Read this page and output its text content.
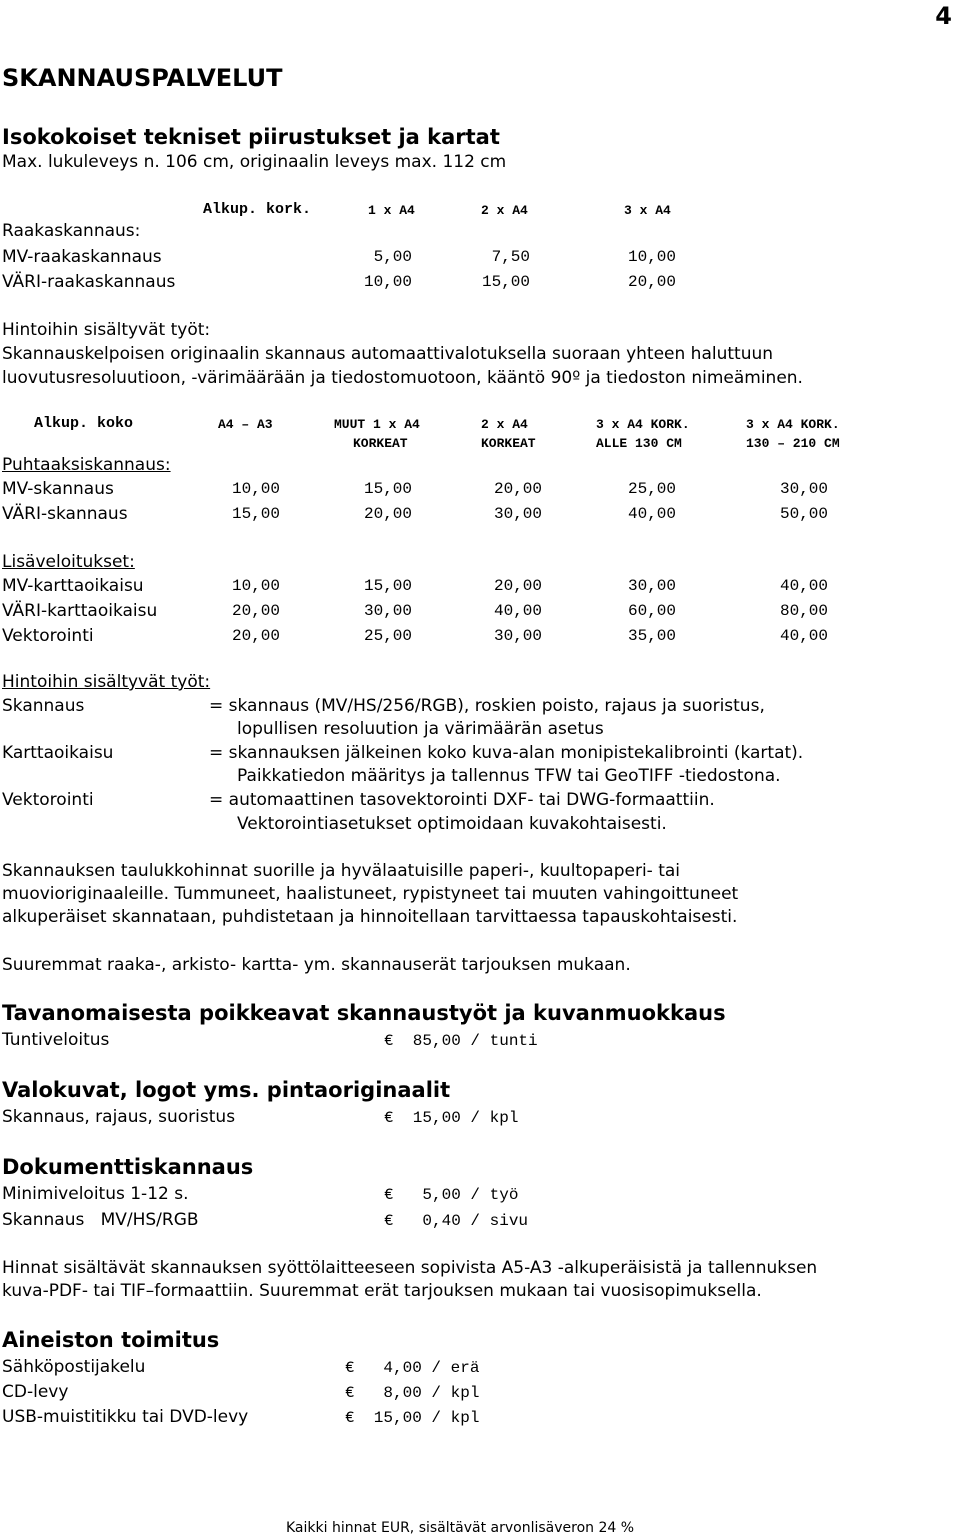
4
SKANNAUSPALVELUT
Isokokoiset tekniset piirustukset ja kartat
Max. lukuleveys n. 106 cm, originaalin leveys max. 112 cm
Alkup. kork.	1 x A4	2 x A4	3 x A4
Raakaskannaus:
MV-raakaskannaus	5,00	7,50	10,00
VÄRI-raakaskannaus	10,00	15,00	20,00
Hintoihin sisältyvät työt:
Skannauskelpoisen originaalin skannaus automaattivalotuksella suoraan yhteen haluttuun
luovutusresoluutioon, -värimäärään ja tiedostomuotoon, kääntö 90º ja tiedoston nimeäminen.
Alkup. koko	A4 – A3	MUUT 1 x A4	2 x A4	3 x A4 KORK.	3 x A4 KORK.
KORKEAT	KORKEAT	ALLE 130 CM	130 – 210 CM
Puhtaaksiskannaus:
MV-skannaus	10,00	15,00	20,00	25,00	30,00
VÄRI-skannaus	15,00	20,00	30,00	40,00	50,00
Lisäveloitukset:
MV-karttaoikaisu	10,00	15,00	20,00	30,00	40,00
VÄRI-karttaoikaisu	20,00	30,00	40,00	60,00	80,00
Vektorointi	20,00	25,00	30,00	35,00	40,00
Hintoihin sisältyvät työt:
Skannaus	= skannaus (MV/HS/256/RGB), roskien poisto, rajaus ja suoristus,
lopullisen resoluution ja värimäärän asetus
Karttaoikaisu	= skannauksen jälkeinen koko kuva-alan monipistekalibrointi (kartat).
Paikkatiedon määritys ja tallennus TFW tai GeoTIFF -tiedostona.
Vektorointi	= automaattinen tasovektorointi DXF- tai DWG-formaattiin.
Vektorointiasetukset optimoidaan kuvakohtaisesti.
Skannauksen taulukkohinnat suorille ja hyvälaatuisille paperi-, kuultopaperi- tai
muovioriginaaleille. Tummuneet, haalistuneet, rypistyneet tai muuten vahingoittuneet
alkuperäiset skannataan, puhdistetaan ja hinnoitellaan tarvittaessa tapauskohtaisesti.
Suuremmat raaka-, arkisto- kartta- ym. skannauserät tarjouksen mukaan.
Tavanomaisesta poikkeavat skannaustyöt ja kuvanmuokkaus
Tuntiveloitus	€  85,00 / tunti
Valokuvat, logot yms. pintaoriginaalit
Skannaus, rajaus, suoristus	€  15,00 / kpl
Dokumenttiskannaus
Minimiveloitus 1-12 s.	€   5,00 / työ
Skannaus   MV/HS/RGB	€   0,40 / sivu
Hinnat sisältävät skannauksen syöttölaitteeseen sopivista A5-A3 -alkuperäisistä ja tallennuksen
kuva-PDF- tai TIF–formaattiin. Suuremmat erät tarjouksen mukaan tai vuosisopimuksella.
Aineiston toimitus
Sähköpostijakelu	€   4,00 / erä
CD-levy	€   8,00 / kpl
USB-muistitikku tai DVD-levy	€  15,00 / kpl
Kaikki hinnat EUR, sisältävät arvonlisäveron 24 %
